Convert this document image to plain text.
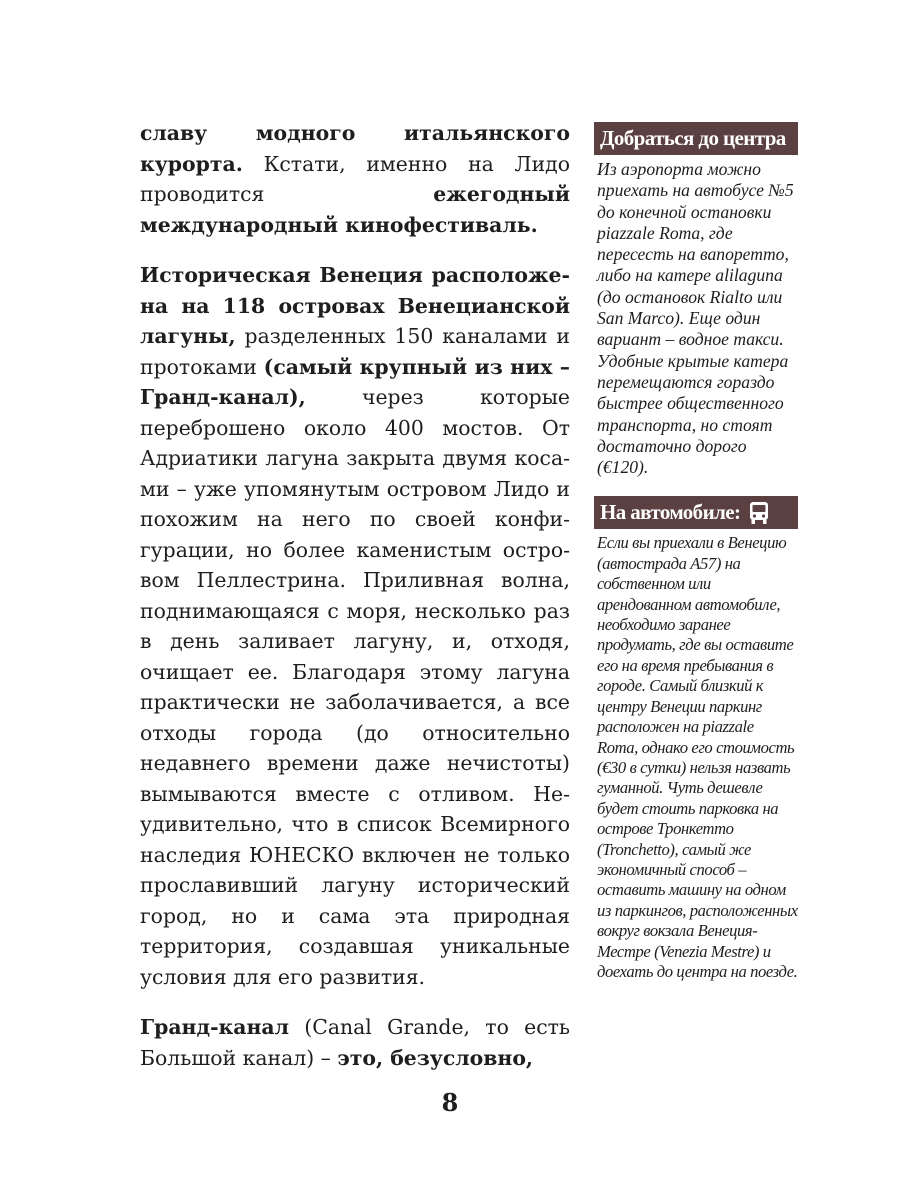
славу модного итальянского курорта. Кстати, именно на Лидо проводится ежегодный международный кинофестиваль.

Историческая Венеция расположена на 118 островах Венецианской лагуны, разделенных 150 каналами и протоками (самый крупный из них – Гранд-канал), через которые переброшено около 400 мостов. От Адриатики лагуна закрыта двумя косами – уже упомянутым островом Лидо и похожим на него по своей конфигурации, но более каменистым островом Пеллестрина. Приливная волна, поднимающаяся с моря, несколько раз в день заливает лагуну, и, отходя, очищает ее. Благодаря этому лагуна практически не заболачивается, а все отходы города (до относительно недавнего времени даже нечистоты) вымываются вместе с отливом. Неудивительно, что в список Всемирного наследия ЮНЕСКО включен не только прославивший лагуну исторический город, но и сама эта природная территория, создавшая уникальные условия для его развития.

Гранд-канал (Canal Grande, то есть Большой канал) – это, безусловно,

Добраться до центра

Из аэропорта можно приехать на автобусе №5 до конечной остановки piazzale Roma, где пересесть на вапоретто, либо на катере alilaguna (до остановок Rialto или San Marco). Еще один вариант – водное такси. Удобные крытые катера перемещаются гораздо быстрее общественного транспорта, но стоят достаточно дорого (€120).

На автомобиле:

Если вы приехали в Венецию (автострада A57) на собственном или арендованном автомобиле, необходимо заранее продумать, где вы оставите его на время пребывания в городе. Самый близкий к центру Венеции паркинг расположен на piazzale Roma, однако его стоимость (€30 в сутки) нельзя назвать гуманной. Чуть дешевле будет стоить парковка на острове Тронкетто (Tronchetto), самый же экономичный способ – оставить машину на одном из паркингов, расположенных вокруг вокзала Венеция-Местре (Venezia Mestre) и доехать до центра на поезде.

8
